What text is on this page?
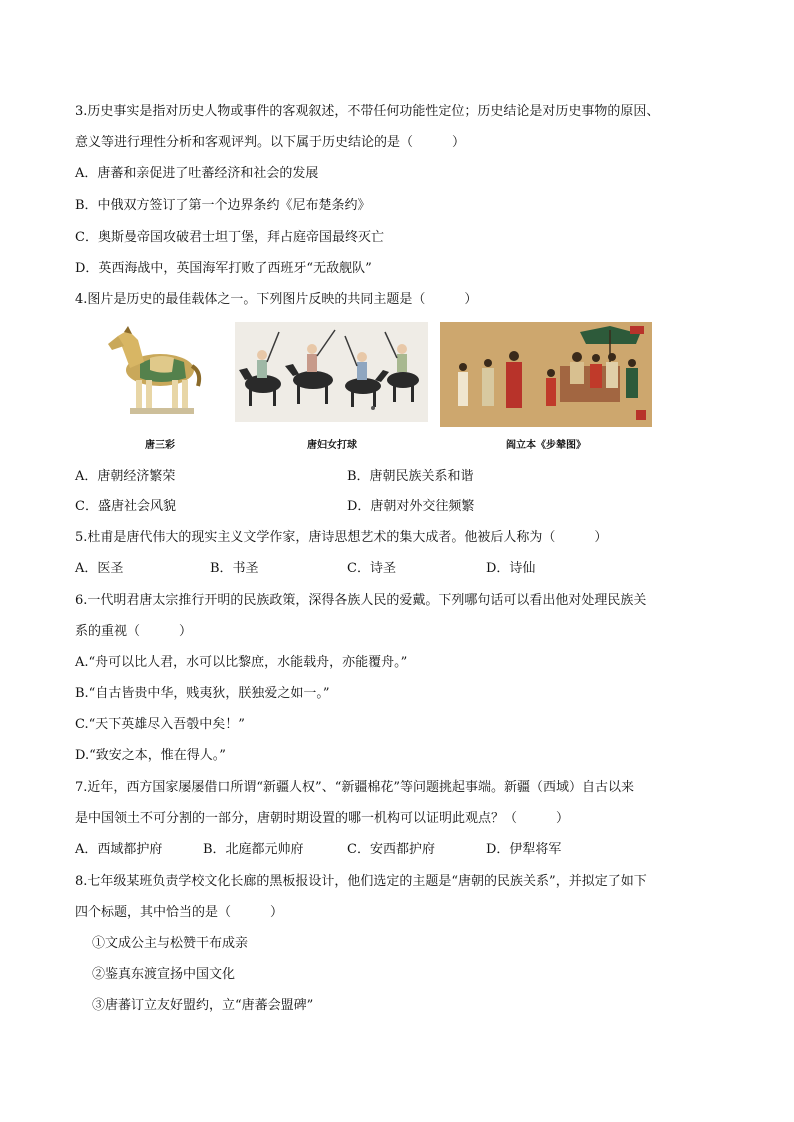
3.历史事实是指对历史人物或事件的客观叙述，不带任何功能性定位；历史结论是对历史事物的原因、
意义等进行理性分析和客观评判。以下属于历史结论的是（　　　）
A．唐蕃和亲促进了吐蕃经济和社会的发展
B．中俄双方签订了第一个边界条约《尼布楚条约》
C．奥斯曼帝国攻破君士坦丁堡，拜占庭帝国最终灭亡
D．英西海战中，英国海军打败了西班牙“无敌舰队”
4.图片是历史的最佳载体之一。下列图片反映的共同主题是（　　　）
唐三彩	唐妇女打球	阎立本《步辇图》
A．唐朝经济繁荣	B．唐朝民族关系和谐
C．盛唐社会风貌	D．唐朝对外交往频繁
5.杜甫是唐代伟大的现实主义文学作家，唐诗思想艺术的集大成者。他被后人称为（　　　）
A．医圣	B．书圣	C．诗圣	D．诗仙
6.一代明君唐太宗推行开明的民族政策，深得各族人民的爱戴。下列哪句话可以看出他对处理民族关
系的重视（　　　）
A.“舟可以比人君，水可以比黎庶，水能载舟，亦能覆舟。”
B.“自古皆贵中华，贱夷狄，朕独爱之如一。”
C.“天下英雄尽入吾彀中矣！”
D.“致安之本，惟在得人。”
7.近年，西方国家屡屡借口所谓“新疆人权”、“新疆棉花”等问题挑起事端。新疆（西域）自古以来
是中国领土不可分割的一部分，唐朝时期设置的哪一机构可以证明此观点？（　　　）
A．西域都护府	B．北庭都元帅府	C．安西都护府	D．伊犁将军
8.七年级某班负责学校文化长廊的黑板报设计，他们选定的主题是“唐朝的民族关系”，并拟定了如下
四个标题，其中恰当的是（　　　）
①文成公主与松赞干布成亲
②鉴真东渡宣扬中国文化
③唐蕃订立友好盟约，立“唐蕃会盟碑”
